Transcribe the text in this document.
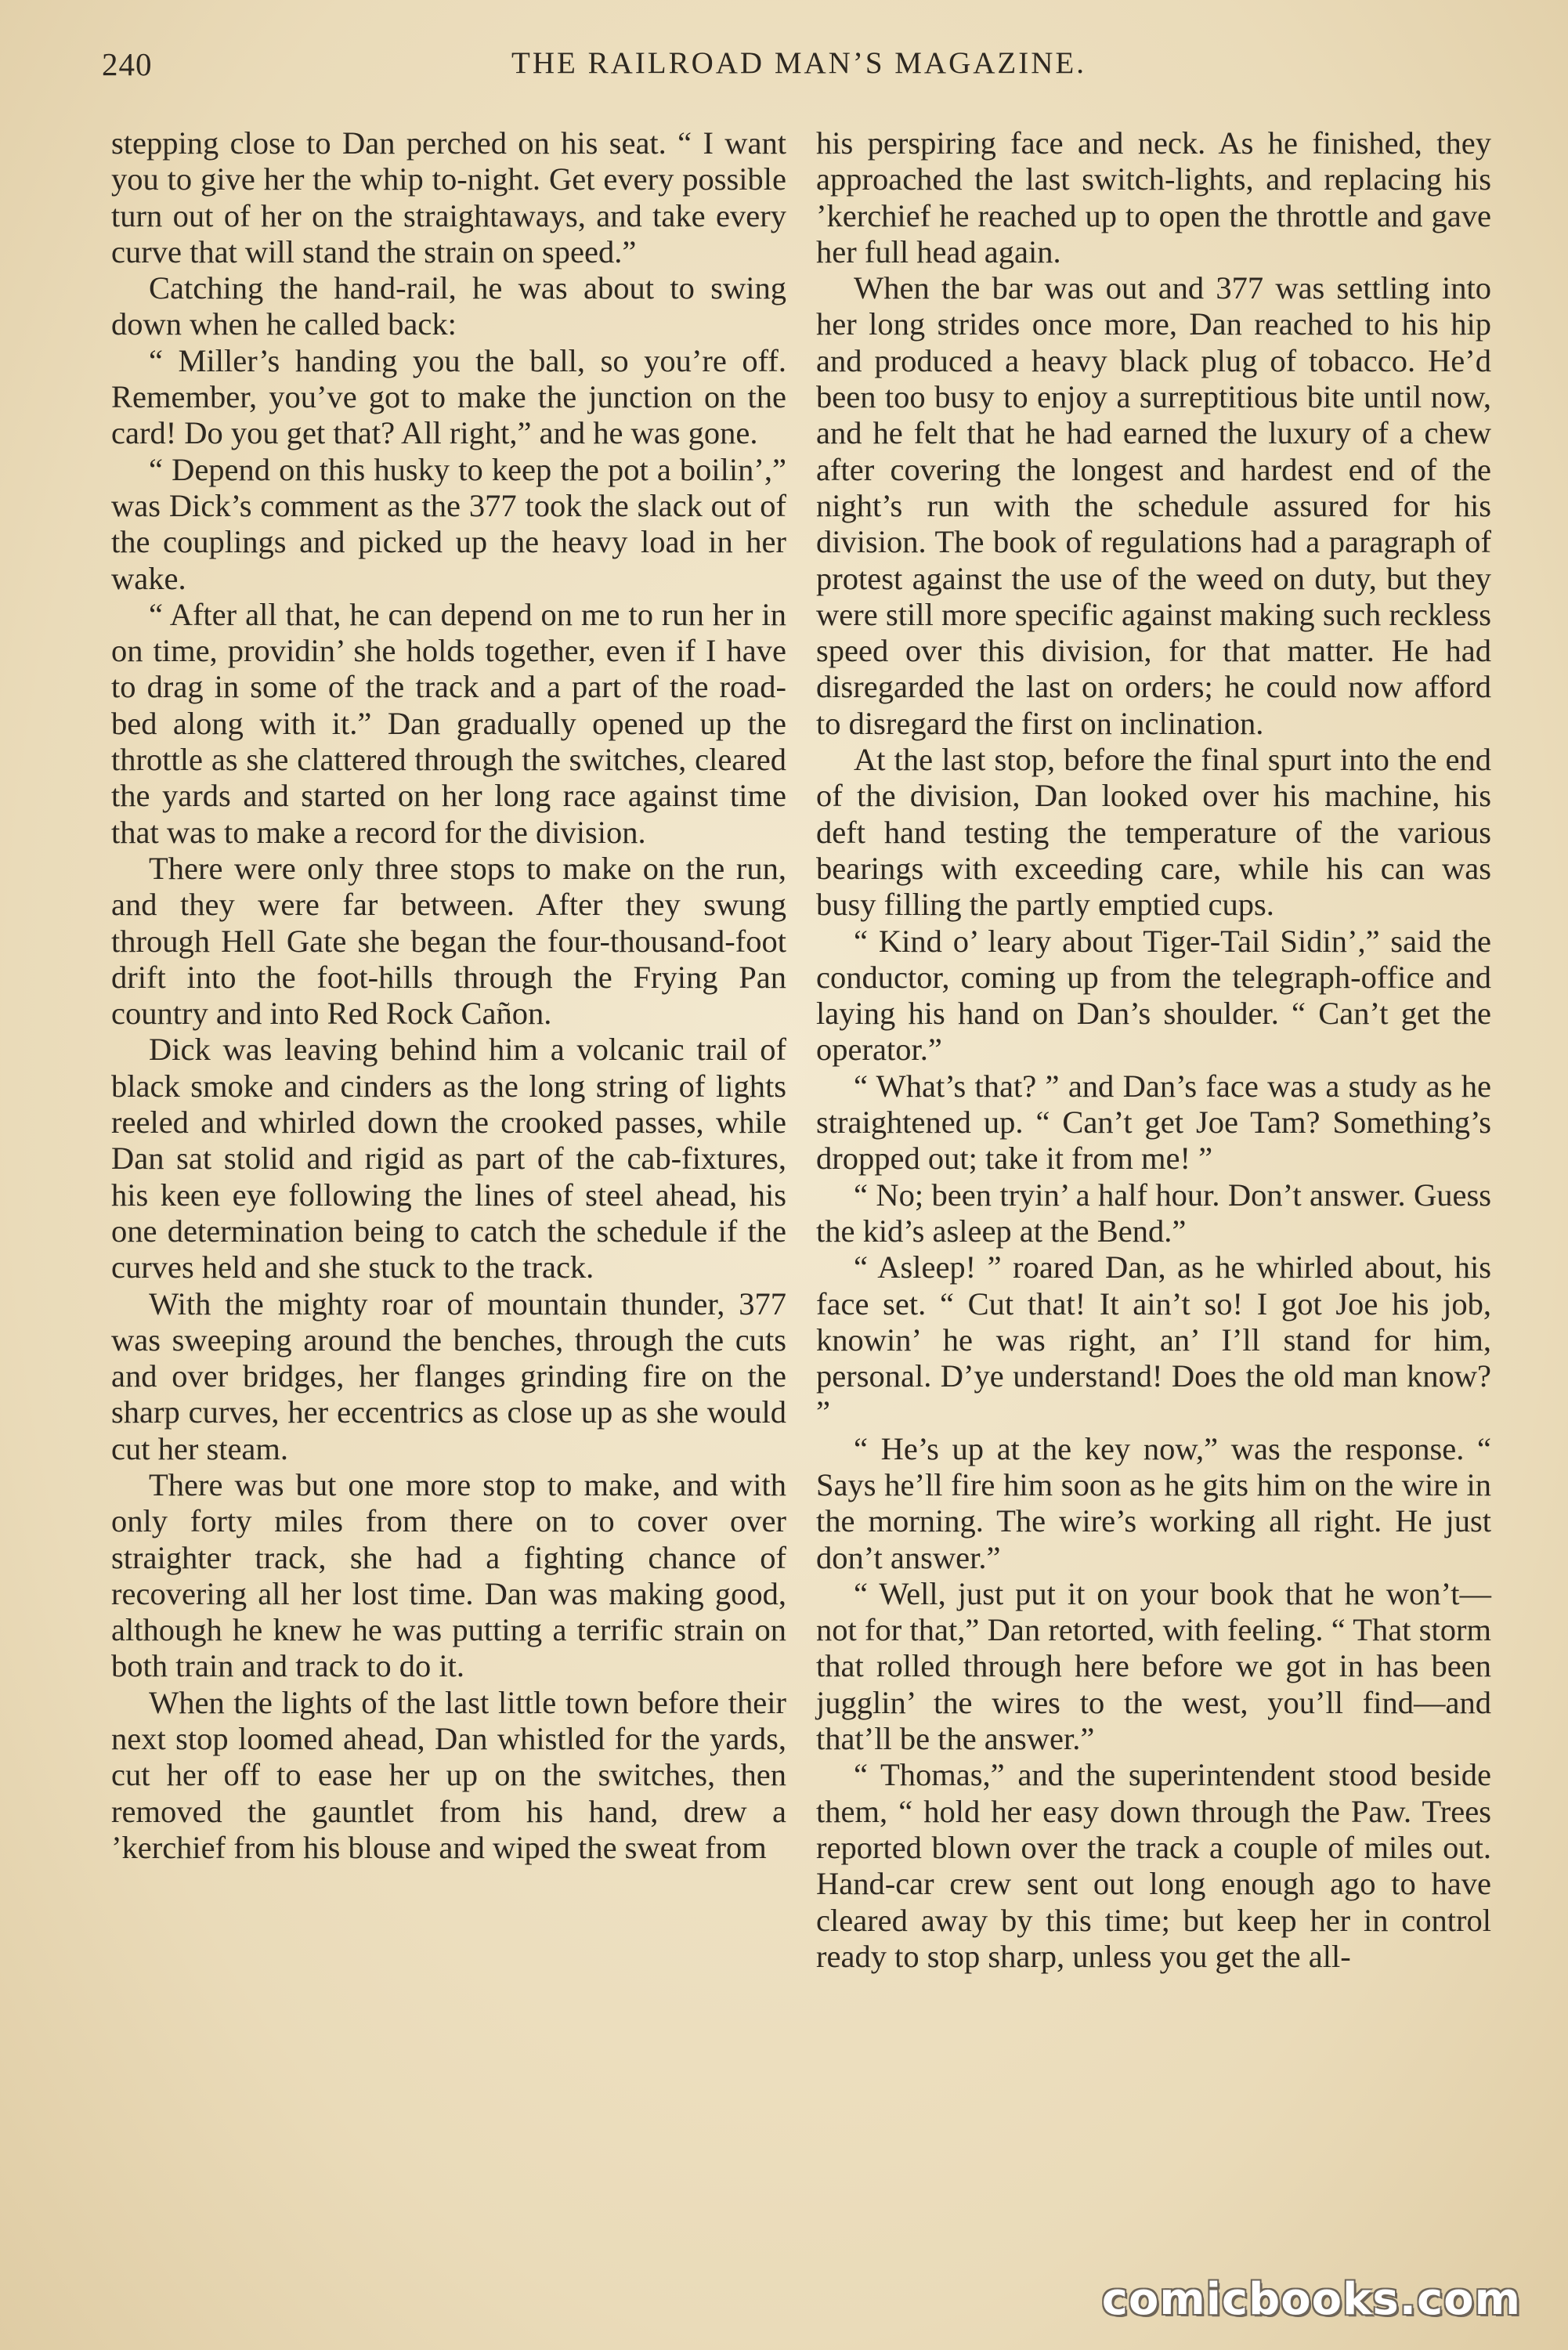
240	THE RAILROAD MAN’S MAGAZINE.

stepping close to Dan perched on his seat. “ I want you to give her the whip to-night. Get every possible turn out of her on the straightaways, and take every curve that will stand the strain on speed.”

Catching the hand-rail, he was about to swing down when he called back:

“ Miller’s handing you the ball, so you’re off. Remember, you’ve got to make the junction on the card! Do you get that? All right,” and he was gone.

“ Depend on this husky to keep the pot a boilin’,” was Dick’s comment as the 377 took the slack out of the couplings and picked up the heavy load in her wake.

“ After all that, he can depend on me to run her in on time, providin’ she holds together, even if I have to drag in some of the track and a part of the road-bed along with it.” Dan gradually opened up the throttle as she clattered through the switches, cleared the yards and started on her long race against time that was to make a record for the division.

There were only three stops to make on the run, and they were far between. After they swung through Hell Gate she began the four-thousand-foot drift into the foot-hills through the Frying Pan country and into Red Rock Cañon.

Dick was leaving behind him a volcanic trail of black smoke and cinders as the long string of lights reeled and whirled down the crooked passes, while Dan sat stolid and rigid as part of the cab-fixtures, his keen eye following the lines of steel ahead, his one determination being to catch the schedule if the curves held and she stuck to the track.

With the mighty roar of mountain thunder, 377 was sweeping around the benches, through the cuts and over bridges, her flanges grinding fire on the sharp curves, her eccentrics as close up as she would cut her steam.

There was but one more stop to make, and with only forty miles from there on to cover over straighter track, she had a fighting chance of recovering all her lost time. Dan was making good, although he knew he was putting a terrific strain on both train and track to do it.

When the lights of the last little town before their next stop loomed ahead, Dan whistled for the yards, cut her off to ease her up on the switches, then removed the gauntlet from his hand, drew a ’kerchief from his blouse and wiped the sweat from

his perspiring face and neck. As he finished, they approached the last switch-lights, and replacing his ’kerchief he reached up to open the throttle and gave her full head again.

When the bar was out and 377 was settling into her long strides once more, Dan reached to his hip and produced a heavy black plug of tobacco. He’d been too busy to enjoy a surreptitious bite until now, and he felt that he had earned the luxury of a chew after covering the longest and hardest end of the night’s run with the schedule assured for his division. The book of regulations had a paragraph of protest against the use of the weed on duty, but they were still more specific against making such reckless speed over this division, for that matter. He had disregarded the last on orders; he could now afford to disregard the first on inclination.

At the last stop, before the final spurt into the end of the division, Dan looked over his machine, his deft hand testing the temperature of the various bearings with exceeding care, while his can was busy filling the partly emptied cups.

“ Kind o’ leary about Tiger-Tail Sidin’,” said the conductor, coming up from the telegraph-office and laying his hand on Dan’s shoulder. “ Can’t get the operator.”

“ What’s that? ” and Dan’s face was a study as he straightened up. “ Can’t get Joe Tam? Something’s dropped out; take it from me! ”

“ No; been tryin’ a half hour. Don’t answer. Guess the kid’s asleep at the Bend.”

“ Asleep! ” roared Dan, as he whirled about, his face set. “ Cut that! It ain’t so! I got Joe his job, knowin’ he was right, an’ I’ll stand for him, personal. D’ye understand! Does the old man know? ”

“ He’s up at the key now,” was the response. “ Says he’ll fire him soon as he gits him on the wire in the morning. The wire’s working all right. He just don’t answer.”

“ Well, just put it on your book that he won’t—not for that,” Dan retorted, with feeling. “ That storm that rolled through here before we got in has been jugglin’ the wires to the west, you’ll find—and that’ll be the answer.”

“ Thomas,” and the superintendent stood beside them, “ hold her easy down through the Paw. Trees reported blown over the track a couple of miles out. Hand-car crew sent out long enough ago to have cleared away by this time; but keep her in control ready to stop sharp, unless you get the all-

comicbooks.com
